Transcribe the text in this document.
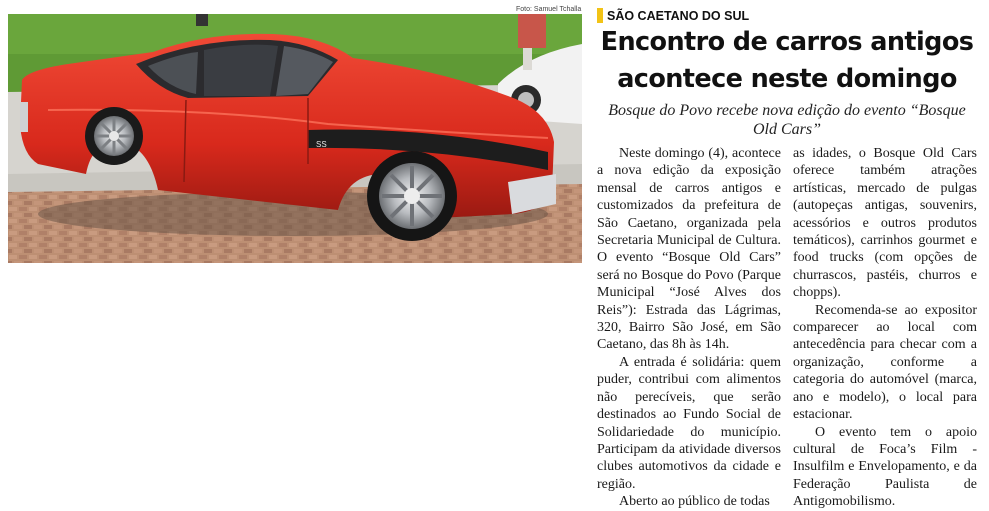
SS
Foto: Samuel Tchalla SÃO CAETANO DO SUL
Encontro de carros antigos acontece neste domingo

Bosque do Povo recebe nova edição do evento “Bosque Old Cars”

Neste domingo (4), acontece a nova edição da exposição mensal de carros antigos e customizados da prefeitura de São Caetano, organizada pela Secretaria Municipal de Cultura. O evento “Bosque Old Cars” será no Bosque do Povo (Parque Municipal “José Alves dos Reis”): Estrada das Lágrimas, 320, Bairro São José, em São Caetano, das 8h às 14h.

A entrada é solidária: quem puder, contribui com alimentos não perecíveis, que serão destinados ao Fundo Social de Solidariedade do município. Participam da atividade diversos clubes automotivos da cidade e região.

Aberto ao público de todas

as idades, o Bosque Old Cars oferece também atrações artísticas, mercado de pulgas (autopeças antigas, souvenirs, acessórios e outros produtos temáticos), carrinhos gourmet e food trucks (com opções de churrascos, pastéis, churros e chopps).

Recomenda-se ao expositor comparecer ao local com antecedência para checar com a organização, conforme a categoria do automóvel (marca, ano e modelo), o local para estacionar.

O evento tem o apoio cultural de Foca’s Film - Insulfilm e Envelopamento, e da Federação Paulista de Antigomobilismo.
